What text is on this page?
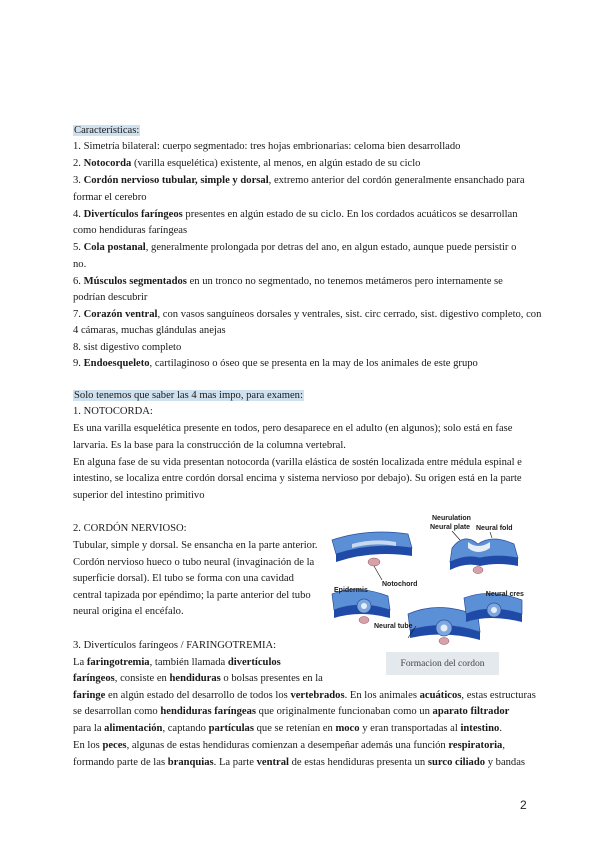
Características:
1. Simetría bilateral: cuerpo segmentado: tres hojas embrionarias: celoma bien desarrollado
2. Notocorda (varilla esquelética) existente, al menos, en algún estado de su ciclo
3. Cordón nervioso tubular, simple y dorsal, extremo anterior del cordón generalmente ensanchado para
formar el cerebro
4. Divertículos faríngeos presentes en algún estado de su ciclo. En los cordados acuáticos se desarrollan
como hendiduras faríngeas
5. Cola postanal, generalmente prolongada por detras del ano, en algun estado, aunque puede persistir o
no.
6. Músculos segmentados en un tronco no segmentado, no tenemos metámeros pero internamente se
podrían descubrir
7. Corazón ventral, con vasos sanguíneos dorsales y ventrales, sist. circ cerrado, sist. digestivo completo, con
4 cámaras, muchas glándulas anejas
8. sist digestivo completo
9. Endoesqueleto, cartilaginoso o óseo que se presenta en la may de los animales de este grupo
Solo tenemos que saber las 4 mas impo, para examen:
1. NOTOCORDA:
Es una varilla esquelética presente en todos, pero desaparece en el adulto (en algunos); solo está en fase
larvaria. Es la base para la construcción de la columna vertebral.
En alguna fase de su vida presentan notocorda (varilla elástica de sostén localizada entre médula espinal e
intestino, se localiza entre cordón dorsal encima y sistema nervioso por debajo). Su origen está en la parte
superior del intestino primitivo
2. CORDÓN NERVIOSO:
Tubular, simple y dorsal. Se ensancha en la parte anterior.
Cordón nervioso hueco o tubo neural (invaginación de la
superficie dorsal). El tubo se forma con una cavidad
central tapizada por epéndimo; la parte anterior del tubo
neural origina el encéfalo.
Notochord
Neurulation
Neural plate Neural fold
Epidermis
Neural tube
Neural crest
Formacion del cordon
3. Divertículos faríngeos / FARINGOTREMIA:
La faringotremia, también llamada divertículos
faríngeos, consiste en hendiduras o bolsas presentes en la
faringe en algún estado del desarrollo de todos los vertebrados. En los animales acuáticos, estas estructuras
se desarrollan como hendiduras faríngeas que originalmente funcionaban como un aparato filtrador
para la alimentación, captando partículas que se retenían en moco y eran transportadas al intestino.
En los peces, algunas de estas hendiduras comienzan a desempeñar además una función respiratoria,
formando parte de las branquias. La parte ventral de estas hendiduras presenta un surco ciliado y bandas
2
